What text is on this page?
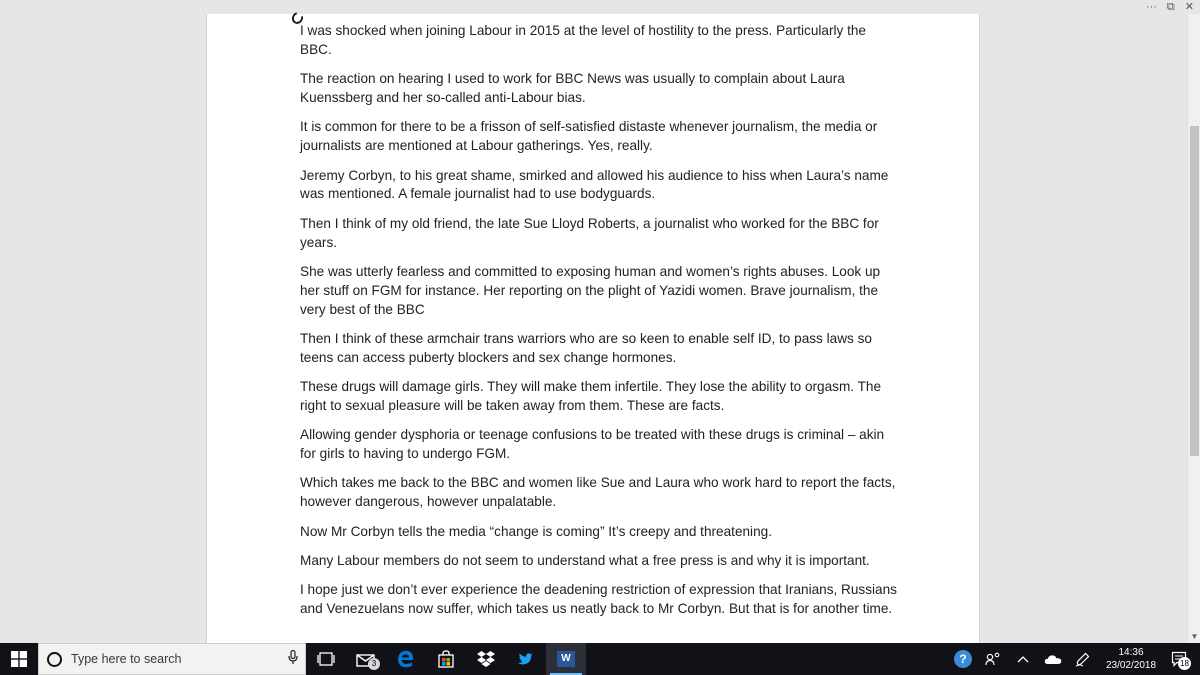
··· ⧉ ✕

I was shocked when joining Labour in 2015 at the level of hostility to the press. Particularly the BBC.

The reaction on hearing I used to work for BBC News was usually to complain about Laura Kuenssberg and her so-called anti-Labour bias.

It is common for there to be a frisson of self-satisfied distaste whenever journalism, the media or journalists are mentioned at Labour gatherings. Yes, really.

Jeremy Corbyn, to his great shame, smirked and allowed his audience to hiss when Laura’s name was mentioned. A female journalist had to use bodyguards.

Then I think of my old friend, the late Sue Lloyd Roberts, a journalist who worked for the BBC for years.

She was utterly fearless and committed to exposing human and women’s rights abuses. Look up her stuff on FGM for instance. Her reporting on the plight of Yazidi women. Brave journalism, the very best of the BBC

Then I think of these armchair trans warriors who are so keen to enable self ID, to pass laws so teens can access puberty blockers and sex change hormones.

These drugs will damage girls. They will make them infertile. They lose the ability to orgasm. The right to sexual pleasure will be taken away from them. These are facts.

Allowing gender dysphoria or teenage confusions to be treated with these drugs is criminal – akin for girls to having to undergo FGM.

Which takes me back to the BBC and women like Sue and Laura who work hard to report the facts, however dangerous, however unpalatable.

Now Mr Corbyn tells the media “change is coming” It’s creepy and threatening.

Many Labour members do not seem to understand what a free press is and why it is important.

I hope just we don’t ever experience the deadening restriction of expression that Iranians, Russians and Venezuelans now suffer, which takes us neatly back to Mr Corbyn. But that is for another time.

▼
Type here to search	3	W	?	14:36
23/02/2018	18
